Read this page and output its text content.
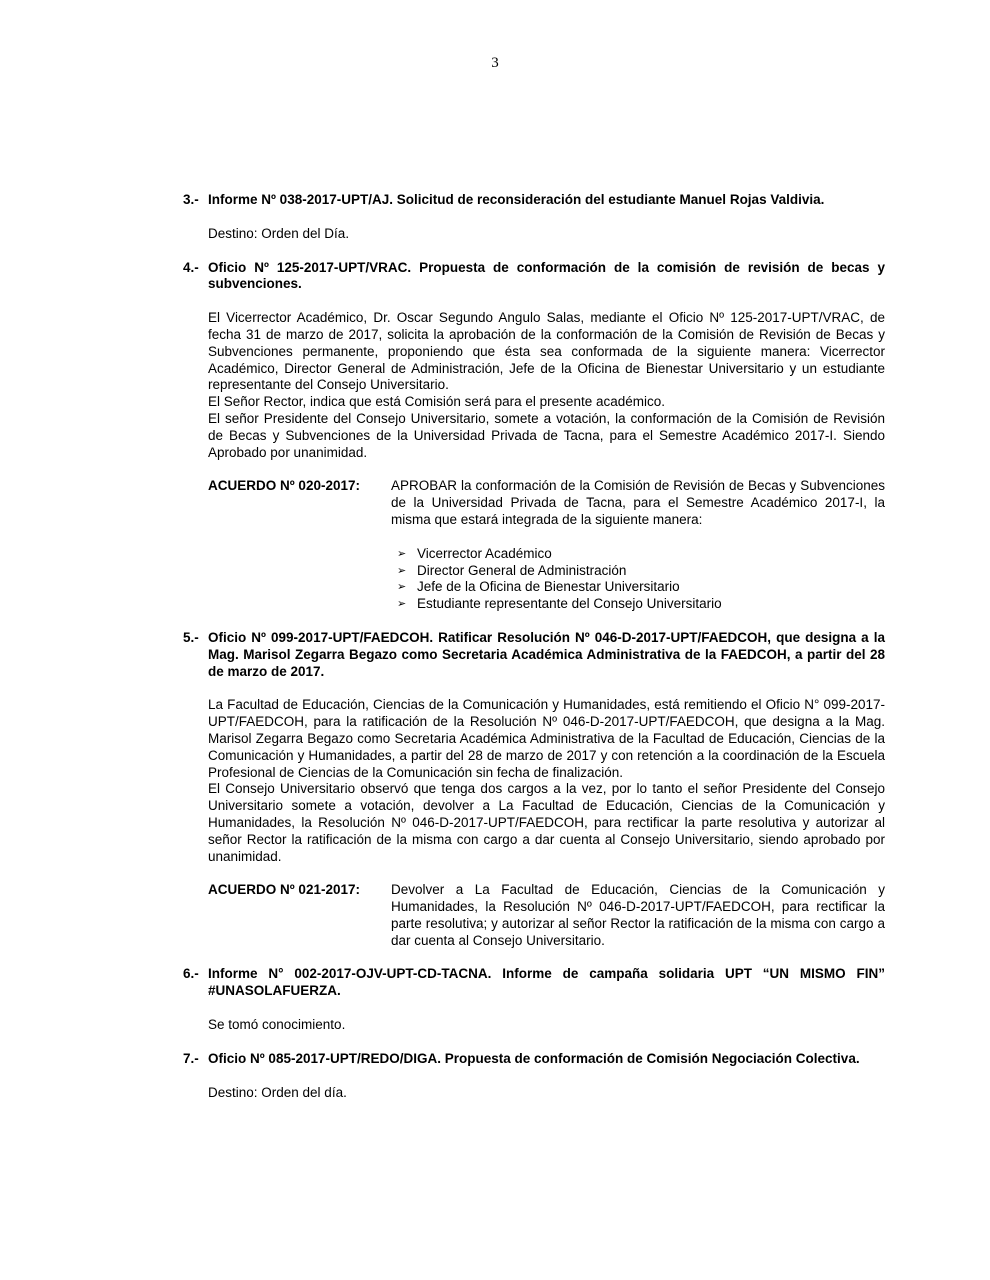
3
3.- Informe Nº 038-2017-UPT/AJ. Solicitud de reconsideración del estudiante Manuel Rojas Valdivia.
Destino: Orden del Día.
4.- Oficio Nº 125-2017-UPT/VRAC. Propuesta de conformación de la comisión de revisión de becas y subvenciones.

El Vicerrector Académico, Dr. Oscar Segundo Angulo Salas, mediante el Oficio Nº 125-2017-UPT/VRAC, de fecha 31 de marzo de 2017, solicita la aprobación de la conformación de la Comisión de Revisión de Becas y Subvenciones permanente, proponiendo que ésta sea conformada de la siguiente manera: Vicerrector Académico, Director General de Administración, Jefe de la Oficina de Bienestar Universitario y un estudiante representante del Consejo Universitario.

El Señor Rector, indica que está Comisión será para el presente académico.

El señor Presidente del Consejo Universitario, somete a votación, la conformación de la Comisión de Revisión de Becas y Subvenciones de la Universidad Privada de Tacna, para el Semestre Académico 2017-I. Siendo Aprobado por unanimidad.

ACUERDO Nº 020-2017:	APROBAR la conformación de la Comisión de Revisión de Becas y Subvenciones de la Universidad Privada de Tacna, para el Semestre Académico 2017-I, la misma que estará integrada de la siguiente manera:

➢ Vicerrector Académico
➢ Director General de Administración
➢ Jefe de la Oficina de Bienestar Universitario
➢ Estudiante representante del Consejo Universitario
5.- Oficio Nº 099-2017-UPT/FAEDCOH. Ratificar Resolución Nº 046-D-2017-UPT/FAEDCOH, que designa a la Mag. Marisol Zegarra Begazo como Secretaria Académica Administrativa de la FAEDCOH, a partir del 28 de marzo de 2017.

La Facultad de Educación, Ciencias de la Comunicación y Humanidades, está remitiendo el Oficio N° 099-2017-UPT/FAEDCOH, para la ratificación de la Resolución Nº 046-D-2017-UPT/FAEDCOH, que designa a la Mag. Marisol Zegarra Begazo como Secretaria Académica Administrativa de la Facultad de Educación, Ciencias de la Comunicación y Humanidades, a partir del 28 de marzo de 2017 y con retención a la coordinación de la Escuela Profesional de Ciencias de la Comunicación sin fecha de finalización.

El Consejo Universitario observó que tenga dos cargos a la vez, por lo tanto el señor Presidente del Consejo Universitario somete a votación, devolver a La Facultad de Educación, Ciencias de la Comunicación y Humanidades, la Resolución Nº 046-D-2017-UPT/FAEDCOH, para rectificar la parte resolutiva y autorizar al señor Rector la ratificación de la misma con cargo a dar cuenta al Consejo Universitario, siendo aprobado por unanimidad.

ACUERDO Nº 021-2017:	Devolver a La Facultad de Educación, Ciencias de la Comunicación y Humanidades, la Resolución Nº 046-D-2017-UPT/FAEDCOH, para rectificar la parte resolutiva; y autorizar al señor Rector la ratificación de la misma con cargo a dar cuenta al Consejo Universitario.

6.- Informe N° 002-2017-OJV-UPT-CD-TACNA. Informe de campaña solidaria UPT “UN MISMO FIN” #UNASOLAFUERZA.
Se tomó conocimiento.
7.- Oficio Nº 085-2017-UPT/REDO/DIGA. Propuesta de conformación de Comisión Negociación Colectiva.
Destino: Orden del día.
